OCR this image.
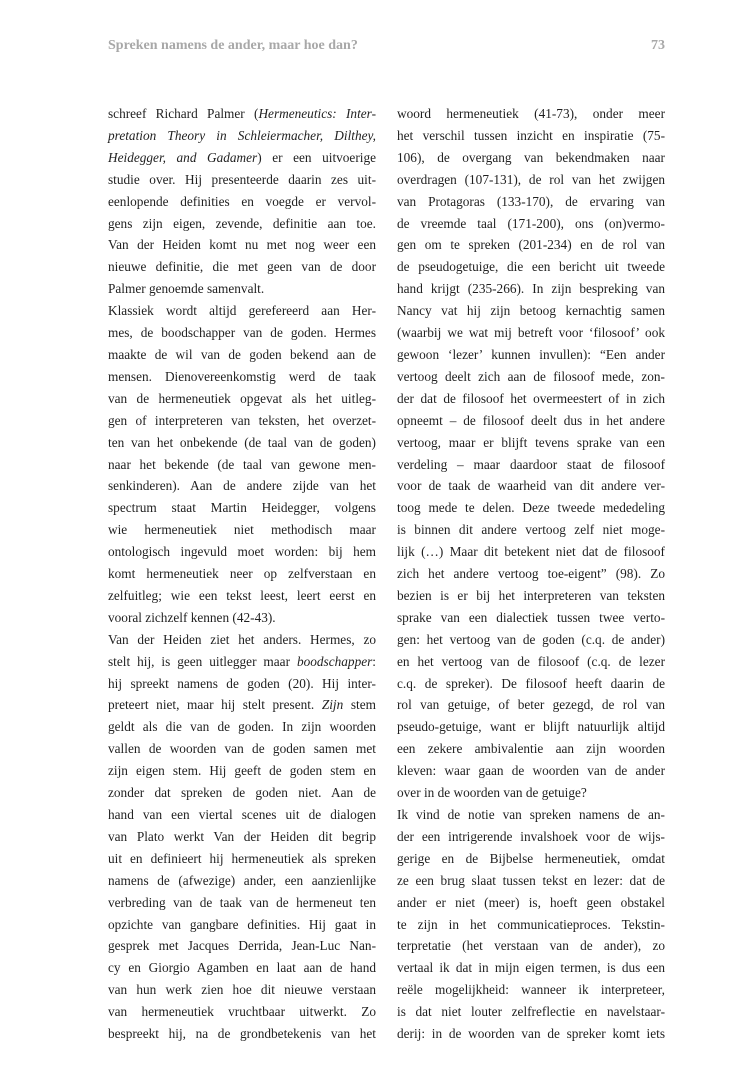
Spreken namens de ander, maar hoe dan?	73
schreef Richard Palmer (Hermeneutics: Inter-
pretation Theory in Schleiermacher, Dilthey,
Heidegger, and Gadamer) er een uitvoerige
studie over. Hij presenteerde daarin zes uit-
eenlopende definities en voegde er vervol-
gens zijn eigen, zevende, definitie aan toe.
Van der Heiden komt nu met nog weer een
nieuwe definitie, die met geen van de door
Palmer genoemde samenvalt.
Klassiek wordt altijd gerefereerd aan Her-
mes, de boodschapper van de goden. Hermes
maakte de wil van de goden bekend aan de
mensen. Dienovereenkomstig werd de taak
van de hermeneutiek opgevat als het uitleg-
gen of interpreteren van teksten, het overzet-
ten van het onbekende (de taal van de goden)
naar het bekende (de taal van gewone men-
senkinderen). Aan de andere zijde van het
spectrum staat Martin Heidegger, volgens
wie hermeneutiek niet methodisch maar
ontologisch ingevuld moet worden: bij hem
komt hermeneutiek neer op zelfverstaan en
zelfuitleg; wie een tekst leest, leert eerst en
vooral zichzelf kennen (42-43).
Van der Heiden ziet het anders. Hermes, zo
stelt hij, is geen uitlegger maar boodschapper:
hij spreekt namens de goden (20). Hij inter-
preteert niet, maar hij stelt present. Zijn stem
geldt als die van de goden. In zijn woorden
vallen de woorden van de goden samen met
zijn eigen stem. Hij geeft de goden stem en
zonder dat spreken de goden niet. Aan de
hand van een viertal scenes uit de dialogen
van Plato werkt Van der Heiden dit begrip
uit en definieert hij hermeneutiek als spreken
namens de (afwezige) ander, een aanzienlijke
verbreding van de taak van de hermeneut ten
opzichte van gangbare definities. Hij gaat in
gesprek met Jacques Derrida, Jean-Luc Nan-
cy en Giorgio Agamben en laat aan de hand
van hun werk zien hoe dit nieuwe verstaan
van hermeneutiek vruchtbaar uitwerkt. Zo
bespreekt hij, na de grondbetekenis van het
woord hermeneutiek (41-73), onder meer
het verschil tussen inzicht en inspiratie (75-
106), de overgang van bekendmaken naar
overdragen (107-131), de rol van het zwijgen
van Protagoras (133-170), de ervaring van
de vreemde taal (171-200), ons (on)vermo-
gen om te spreken (201-234) en de rol van
de pseudogetuige, die een bericht uit tweede
hand krijgt (235-266). In zijn bespreking van
Nancy vat hij zijn betoog kernachtig samen
(waarbij we wat mij betreft voor ‘filosoof’ ook
gewoon ‘lezer’ kunnen invullen): “Een ander
vertoog deelt zich aan de filosoof mede, zon-
der dat de filosoof het overmeestert of in zich
opneemt – de filosoof deelt dus in het andere
vertoog, maar er blijft tevens sprake van een
verdeling – maar daardoor staat de filosoof
voor de taak de waarheid van dit andere ver-
toog mede te delen. Deze tweede mededeling
is binnen dit andere vertoog zelf niet moge-
lijk (…) Maar dit betekent niet dat de filosoof
zich het andere vertoog toe-eigent” (98). Zo
bezien is er bij het interpreteren van teksten
sprake van een dialectiek tussen twee verto-
gen: het vertoog van de goden (c.q. de ander)
en het vertoog van de filosoof (c.q. de lezer
c.q. de spreker). De filosoof heeft daarin de
rol van getuige, of beter gezegd, de rol van
pseudo-getuige, want er blijft natuurlijk altijd
een zekere ambivalentie aan zijn woorden
kleven: waar gaan de woorden van de ander
over in de woorden van de getuige?
Ik vind de notie van spreken namens de an-
der een intrigerende invalshoek voor de wijs-
gerige en de Bijbelse hermeneutiek, omdat
ze een brug slaat tussen tekst en lezer: dat de
ander er niet (meer) is, hoeft geen obstakel
te zijn in het communicatieproces. Tekstin-
terpretatie (het verstaan van de ander), zo
vertaal ik dat in mijn eigen termen, is dus een
reële mogelijkheid: wanneer ik interpreteer,
is dat niet louter zelfreflectie en navelstaar-
derij: in de woorden van de spreker komt iets
